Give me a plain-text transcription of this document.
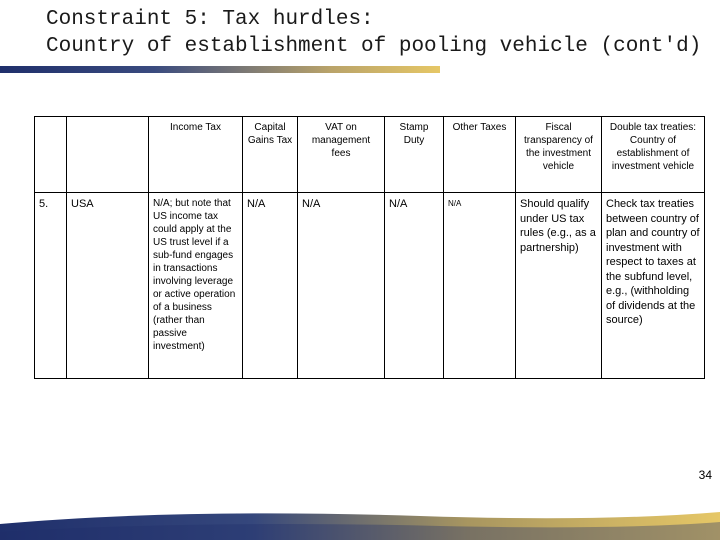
Constraint 5: Tax hurdles:
Country of establishment of pooling vehicle (cont'd)
		Income Tax	Capital Gains Tax	VAT on management fees	Stamp Duty	Other Taxes	Fiscal transparency of the investment vehicle	Double tax treaties: Country of establishment of investment vehicle
5.	USA	N/A; but note that US income tax could apply at the US trust level if a sub-fund engages in transactions involving leverage or active operation of a business (rather than passive investment)	N/A	N/A	N/A	N/A	Should qualify under US tax rules (e.g., as a partnership)	Check tax treaties between country of plan and country of investment with respect to taxes at the subfund level, e.g., (withholding of dividends at the source)
34
